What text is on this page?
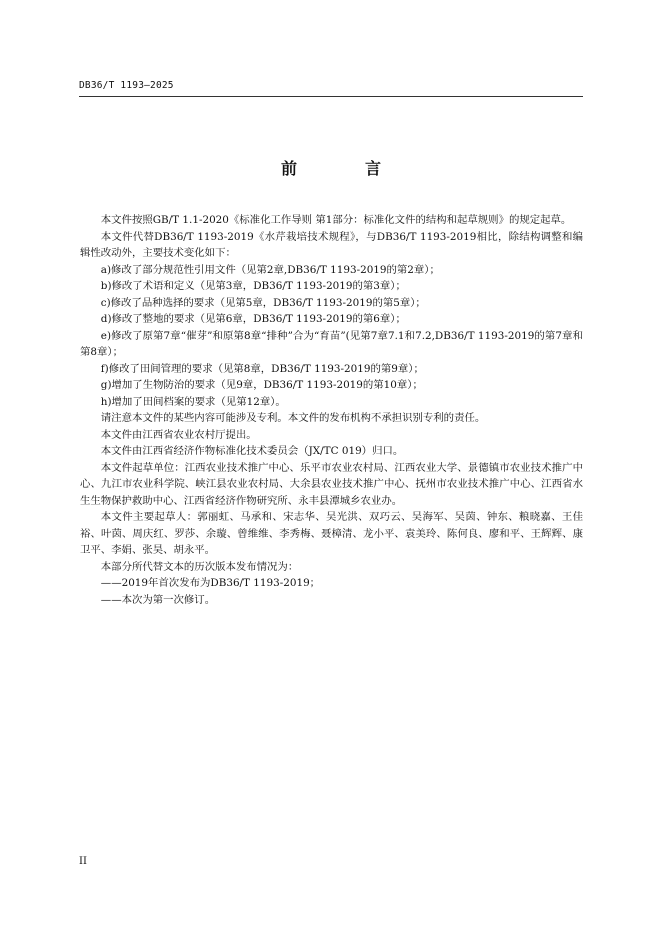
DB36/T 1193—2025
前　言

本文件按照GB/T 1.1-2020《标准化工作导则 第1部分：标准化文件的结构和起草规则》的规定起草。

本文件代替DB36/T 1193-2019《水芹栽培技术规程》，与DB36/T 1193-2019相比，除结构调整和编辑性改动外，主要技术变化如下：

a)修改了部分规范性引用文件（见第2章,DB36/T 1193-2019的第2章）；

b)修改了术语和定义（见第3章，DB36/T 1193-2019的第3章）；

c)修改了品种选择的要求（见第5章，DB36/T 1193-2019的第5章）；

d)修改了整地的要求（见第6章，DB36/T 1193-2019的第6章）；

e)修改了原第7章“催芽”和原第8章“排种”合为“育苗”(见第7章7.1和7.2,DB36/T 1193-2019的第7章和第8章）；

f)修改了田间管理的要求（见第8章，DB36/T 1193-2019的第9章）；

g)增加了生物防治的要求（见9章，DB36/T 1193-2019的第10章）；

h)增加了田间档案的要求（见第12章）。

请注意本文件的某些内容可能涉及专利。本文件的发布机构不承担识别专利的责任。

本文件由江西省农业农村厅提出。

本文件由江西省经济作物标准化技术委员会（JX/TC 019）归口。

本文件起草单位：江西农业技术推广中心、乐平市农业农村局、江西农业大学、景德镇市农业技术推广中心、九江市农业科学院、峡江县农业农村局、大余县农业技术推广中心、抚州市农业技术推广中心、江西省水生生物保护救助中心、江西省经济作物研究所、永丰县潭城乡农业办。

本文件主要起草人：郭丽虹、马承和、宋志华、吴光洪、双巧云、吴海军、吴茵、钟东、粮晓嘉、王佳裕、叶茵、周庆红、罗莎、余璇、曾维维、李秀梅、聂樟清、龙小平、袁美玲、陈何良、廖和平、王辉辉、康卫平、李娟、张昊、胡永平。

本部分所代替文本的历次版本发布情况为：

——2019年首次发布为DB36/T 1193-2019；

——本次为第一次修订。

II
